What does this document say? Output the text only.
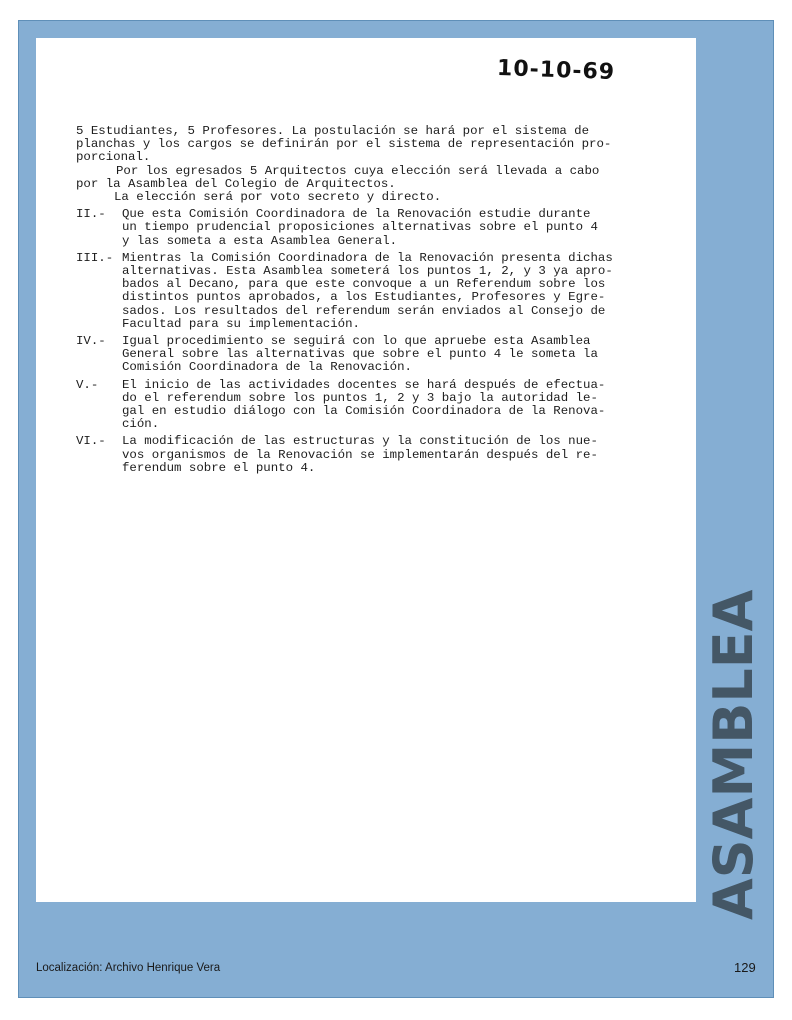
10-10-69

5 Estudiantes, 5 Profesores. La postulación se hará por el sistema de

planchas y los cargos se definirán por el sistema de representación pro-

porcional.

Por los egresados 5 Arquitectos cuya elección será llevada a cabo

por la Asamblea del Colegio de Arquitectos.

La elección será por voto secreto y directo.

II.-	Que esta Comisión Coordinadora de la Renovación estudie durante
un tiempo prudencial proposiciones alternativas sobre el punto 4
y las someta a esta Asamblea General.
III.- Mientras la Comisión Coordinadora de la Renovación presenta dichas
alternativas. Esta Asamblea someterá los puntos 1, 2, y 3 ya apro-
bados al Decano, para que este convoque a un Referendum sobre los
distintos puntos aprobados, a los Estudiantes, Profesores y Egre-
sados. Los resultados del referendum serán enviados al Consejo de
Facultad para su implementación.
IV.-	Igual procedimiento se seguirá con lo que apruebe esta Asamblea
General sobre las alternativas que sobre el punto 4 le someta la
Comisión Coordinadora de la Renovación.
V.-	El inicio de las actividades docentes se hará después de efectua-
do el referendum sobre los puntos 1, 2 y 3 bajo la autoridad le-
gal en estudio diálogo con la Comisión Coordinadora de la Renova-
ción.
VI.-	La modificación de las estructuras y la constitución de los nue-
vos organismos de la Renovación se implementarán después del re-
ferendum sobre el punto 4.
ASAMBLEA
Localización: Archivo Henrique Vera	129
